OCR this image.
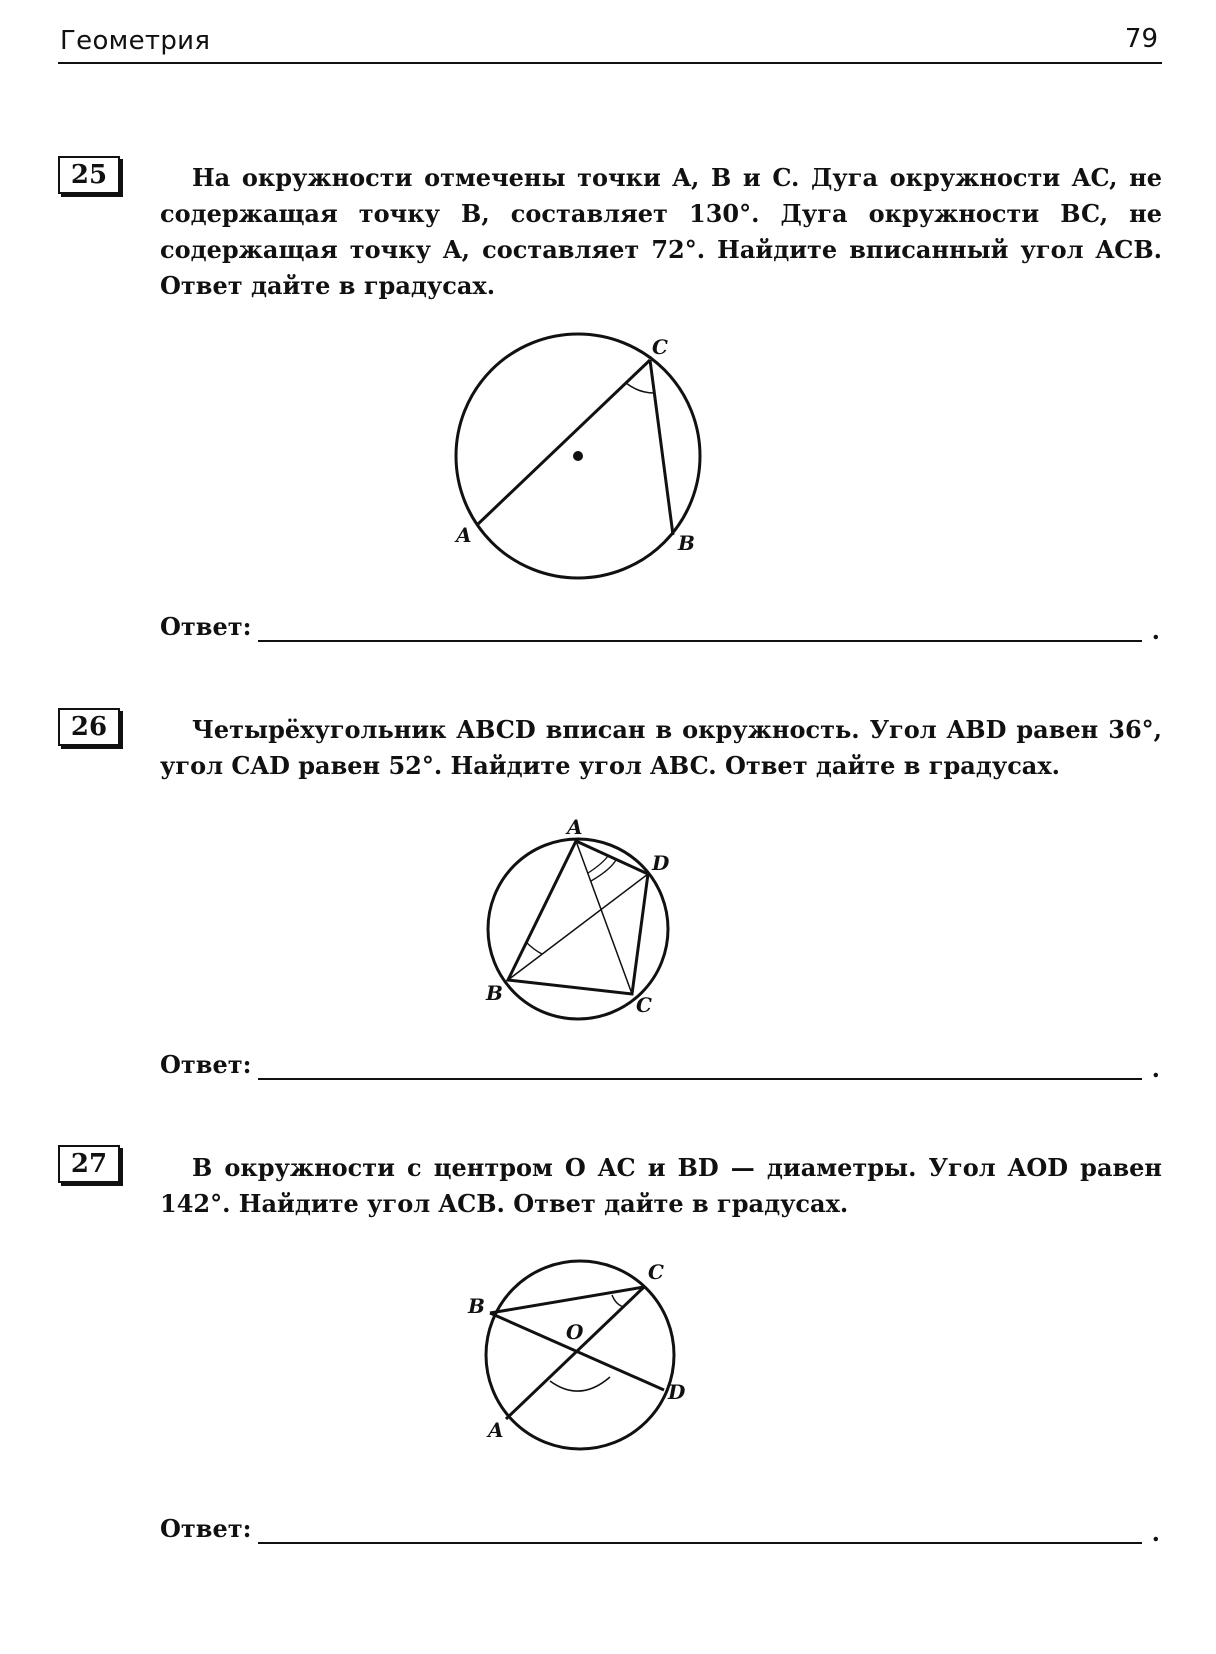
Геометрия	79
25	На окружности отмечены точки A, B и C. Дуга окружности AC, не содержащая точку B, составляет 130°. Дуга окружности BC, не содержащая точку A, составляет 72°. Найдите вписанный угол ACB. Ответ дайте в градусах.
C
A	B
Ответ:	.
26	Четырёхугольник ABCD вписан в окружность. Угол ABD равен 36°, угол CAD равен 52°. Найдите угол ABC. Ответ дайте в градусах.
A
D
B	C
Ответ:	.
27	В окружности с центром O AC и BD — диаметры. Угол AOD равен 142°. Найдите угол ACB. Ответ дайте в градусах.
C
B
O
D
A
Ответ:	.
